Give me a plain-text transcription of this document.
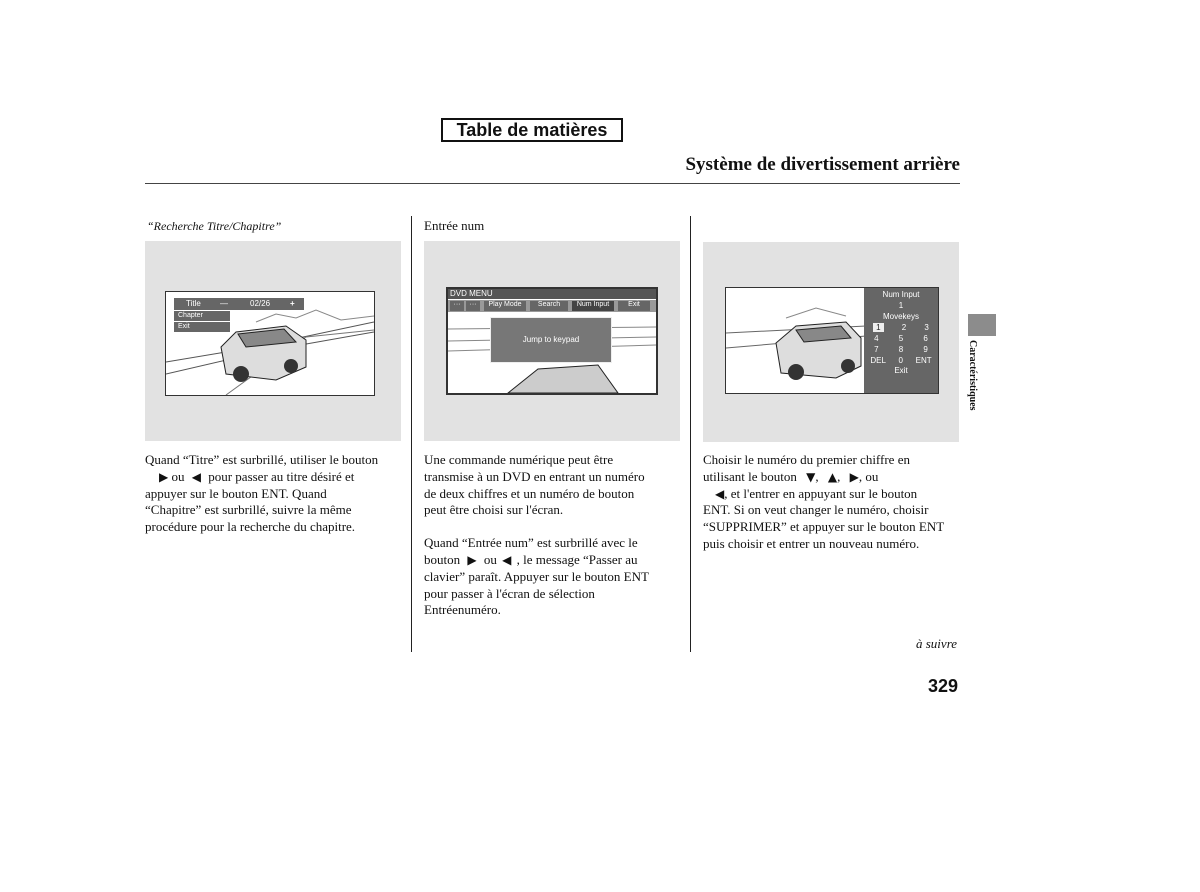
Table de matières
Système de divertissement arrière
“Recherche Titre/Chapitre”
Title —	02/26 +
Chapter
Exit

Quand “Titre” est surbrillé, utiliser le bouton
▶ ou ◀ pour passer au titre désiré et
appuyer sur le bouton ENT. Quand
“Chapitre” est surbrillé, suivre la même
procédure pour la recherche du chapitre.

Entrée num
DVD MENU
···	···	Play Mode	Search	Num Input	Exit
Jump to keypad

Une commande numérique peut être
transmise à un DVD en entrant un numéro
de deux chiffres et un numéro de bouton
peut être choisi sur l'écran.

Quand “Entrée num” est surbrillé avec le
bouton ▶ ou ◀ , le message “Passer au
clavier” paraît. Appuyer sur le bouton ENT
pour passer à l'écran de sélection
Entréenuméro.

Num Input
1
Movekeys
1	2 3
4	5	6
7	8	9
DEL 0 ENT
Exit

Choisir le numéro du premier chiffre en
utilisant le bouton ▼, ▲, ▶, ou
◀, et l'entrer en appuyant sur le bouton
ENT. Si on veut changer le numéro, choisir
“SUPPRIMER” et appuyer sur le bouton ENT
puis choisir et entrer un nouveau numéro.

à suivre
329
Caractéristiques
